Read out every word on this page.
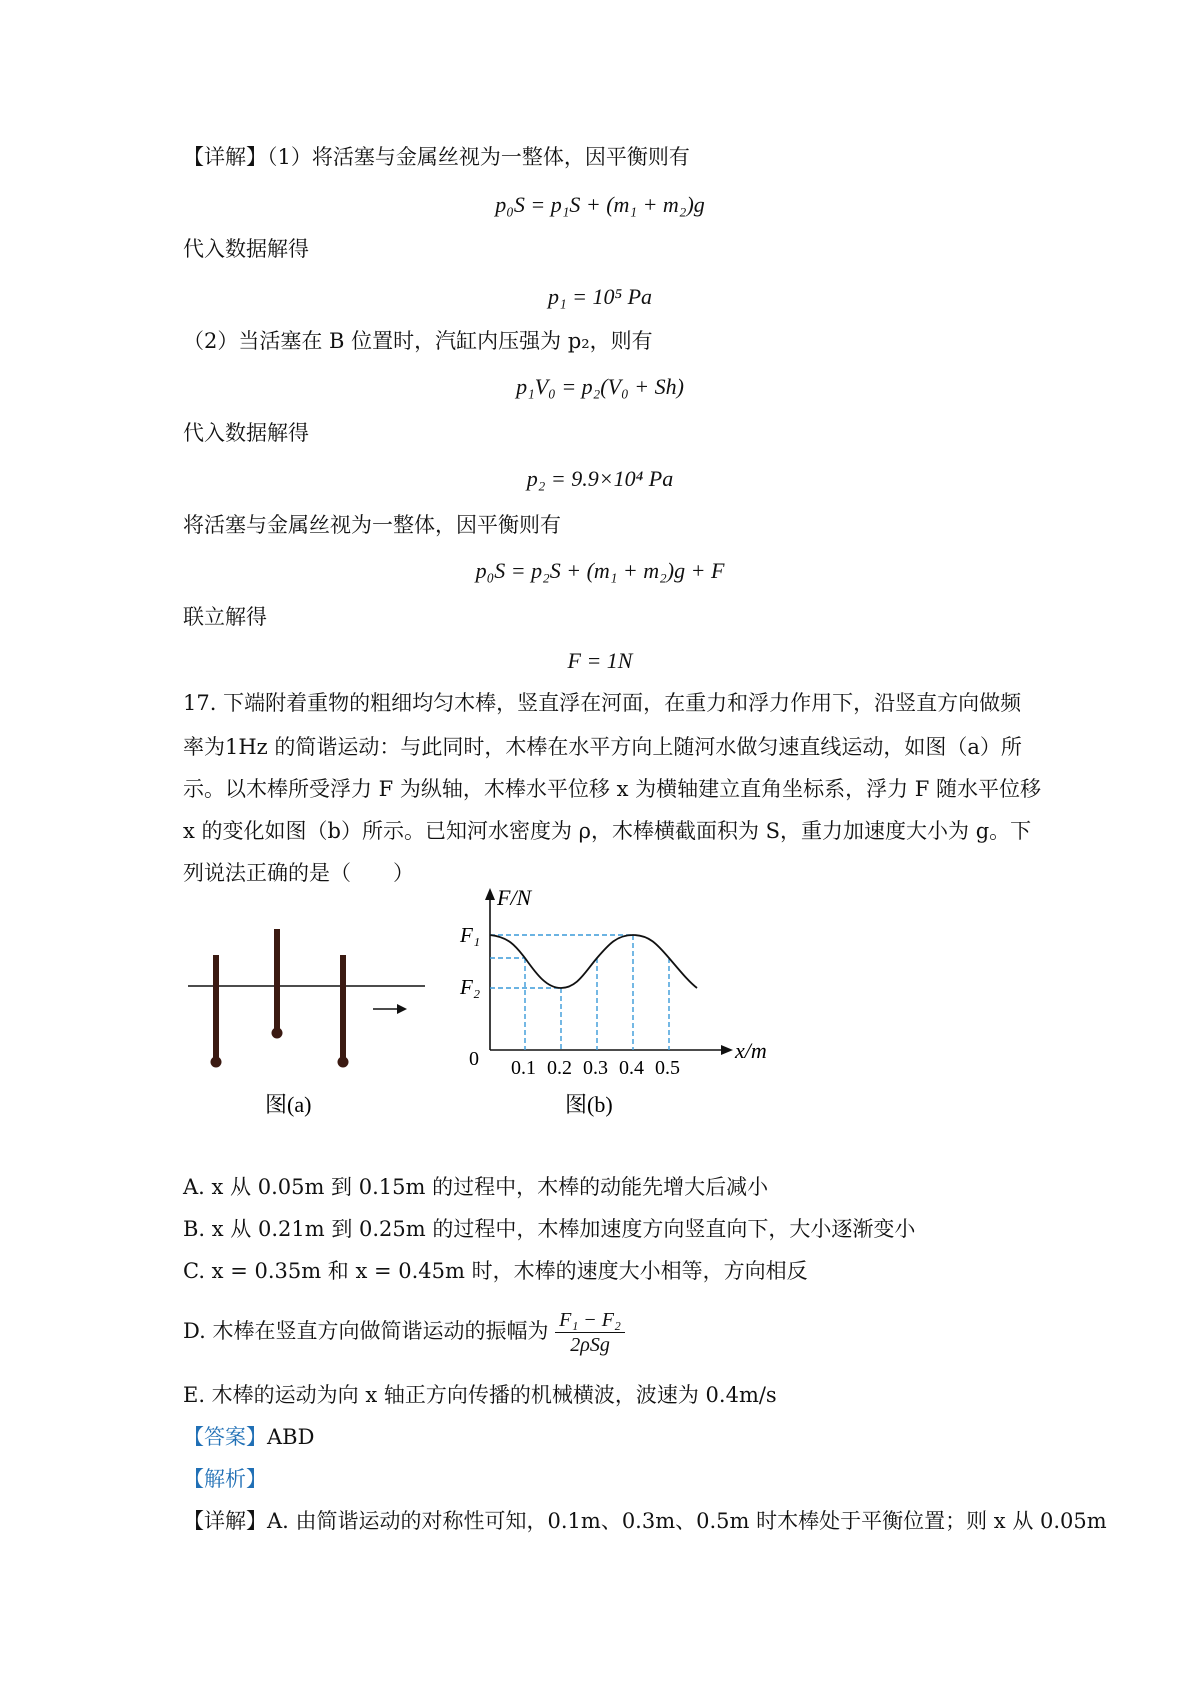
【详解】（1）将活塞与金属丝视为一整体，因平衡则有
p₀S = p₁S + (m₁ + m₂)g
代入数据解得
p₁ = 10⁵ Pa
（2）当活塞在 B 位置时，汽缸内压强为 p₂，则有
p₁V₀ = p₂(V₀ + Sh)
代入数据解得
p₂ = 9.9×10⁴ Pa
将活塞与金属丝视为一整体，因平衡则有
p₀S = p₂S + (m₁ + m₂)g + F
联立解得
F = 1N
17. 下端附着重物的粗细均匀木棒，竖直浮在河面，在重力和浮力作用下，沿竖直方向做频
率为1Hz 的简谐运动：与此同时，木棒在水平方向上随河水做匀速直线运动，如图（a）所
示。以木棒所受浮力 F 为纵轴，木棒水平位移 x 为横轴建立直角坐标系，浮力 F 随水平位移
x 的变化如图（b）所示。已知河水密度为 ρ，木棒横截面积为 S，重力加速度大小为 g。下
列说法正确的是（　　）
图(a)
F/N
F₁
F₂
0 0.1 0.2 0.3 0.4 0.5
x/m
图(b)
A. x 从 0.05m 到 0.15m 的过程中，木棒的动能先增大后减小
B. x 从 0.21m 到 0.25m 的过程中，木棒加速度方向竖直向下，大小逐渐变小
C. x = 0.35m 和 x = 0.45m 时，木棒的速度大小相等，方向相反
D. 木棒在竖直方向做简谐运动的振幅为 $\frac{\text{F₁ − F₂}}{\text{2ρSg}}$
E. 木棒的运动为向 x 轴正方向传播的机械横波，波速为 0.4m/s
【答案】ABD
【解析】
【详解】A. 由简谐运动的对称性可知，0.1m、0.3m、0.5m 时木棒处于平衡位置；则 x 从 0.05m
